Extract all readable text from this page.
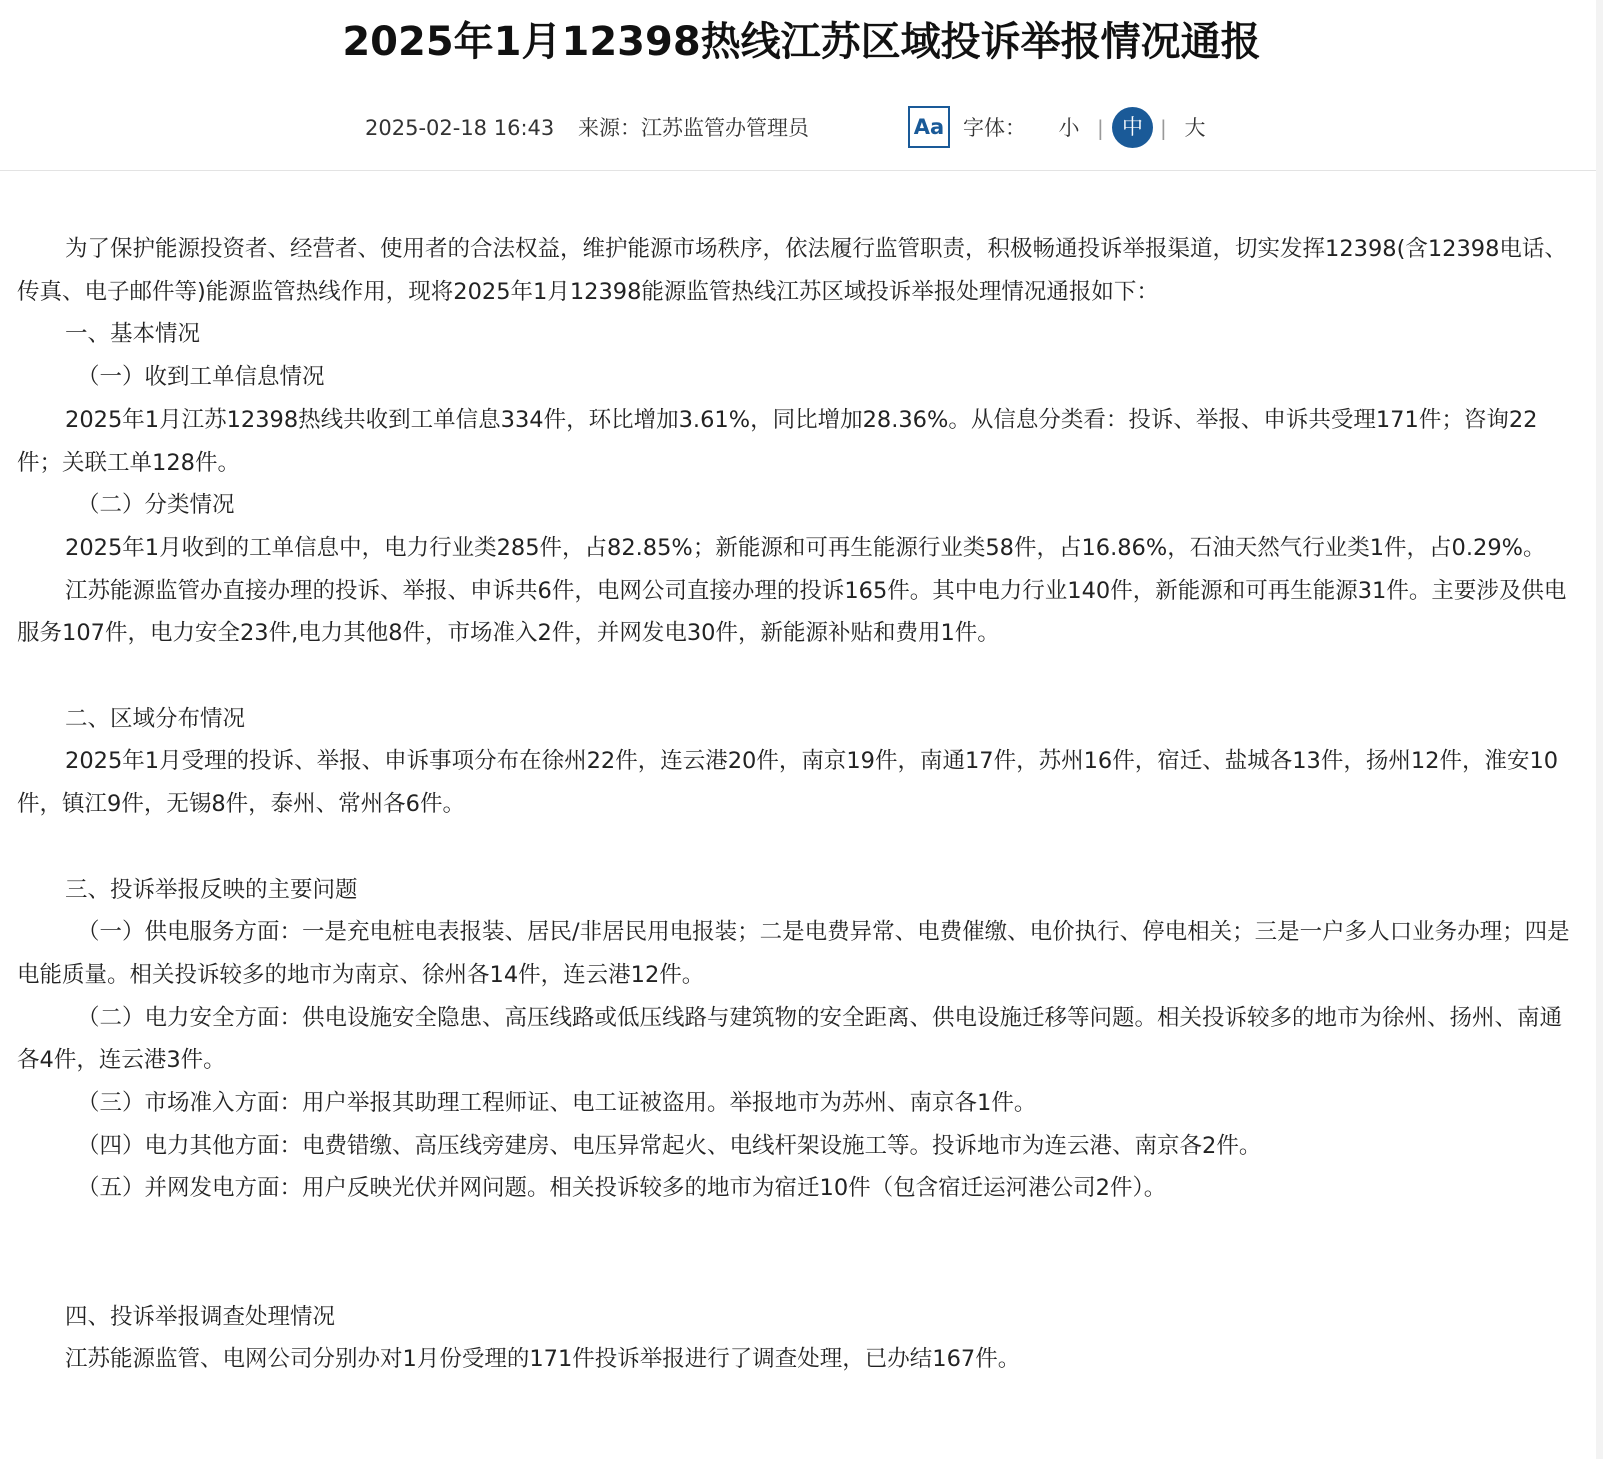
2025年1月12398热线江苏区域投诉举报情况通报
2025-02-18 16:43 来源：江苏监管办管理员	Aa 字体： 小 | 中 | 大

为了保护能源投资者、经营者、使用者的合法权益，维护能源市场秩序，依法履行监管职责，积极畅通投诉举报渠道，切实发挥12398(含12398电话、传真、电子邮件等)能源监管热线作用，现将2025年1月12398能源监管热线江苏区域投诉举报处理情况通报如下：

一、基本情况

（一）收到工单信息情况

2025年1月江苏12398热线共收到工单信息334件，环比增加3.61%，同比增加28.36%。从信息分类看：投诉、举报、申诉共受理171件；咨询22件；关联工单128件。

（二）分类情况

2025年1月收到的工单信息中，电力行业类285件，占82.85%；新能源和可再生能源行业类58件，占16.86%，石油天然气行业类1件，占0.29%。

江苏能源监管办直接办理的投诉、举报、申诉共6件，电网公司直接办理的投诉165件。其中电力行业140件，新能源和可再生能源31件。主要涉及供电服务107件，电力安全23件,电力其他8件，市场准入2件，并网发电30件，新能源补贴和费用1件。

二、区域分布情况

2025年1月受理的投诉、举报、申诉事项分布在徐州22件，连云港20件，南京19件，南通17件，苏州16件，宿迁、盐城各13件，扬州12件，淮安10件，镇江9件，无锡8件，泰州、常州各6件。

三、投诉举报反映的主要问题

（一）供电服务方面：一是充电桩电表报装、居民/非居民用电报装；二是电费异常、电费催缴、电价执行、停电相关；三是一户多人口业务办理；四是电能质量。相关投诉较多的地市为南京、徐州各14件，连云港12件。

（二）电力安全方面：供电设施安全隐患、高压线路或低压线路与建筑物的安全距离、供电设施迁移等问题。相关投诉较多的地市为徐州、扬州、南通各4件，连云港3件。

（三）市场准入方面：用户举报其助理工程师证、电工证被盗用。举报地市为苏州、南京各1件。

（四）电力其他方面：电费错缴、高压线旁建房、电压异常起火、电线杆架设施工等。投诉地市为连云港、南京各2件。

（五）并网发电方面：用户反映光伏并网问题。相关投诉较多的地市为宿迁10件（包含宿迁运河港公司2件）。

四、投诉举报调查处理情况

江苏能源监管、电网公司分别办对1月份受理的171件投诉举报进行了调查处理，已办结167件。
